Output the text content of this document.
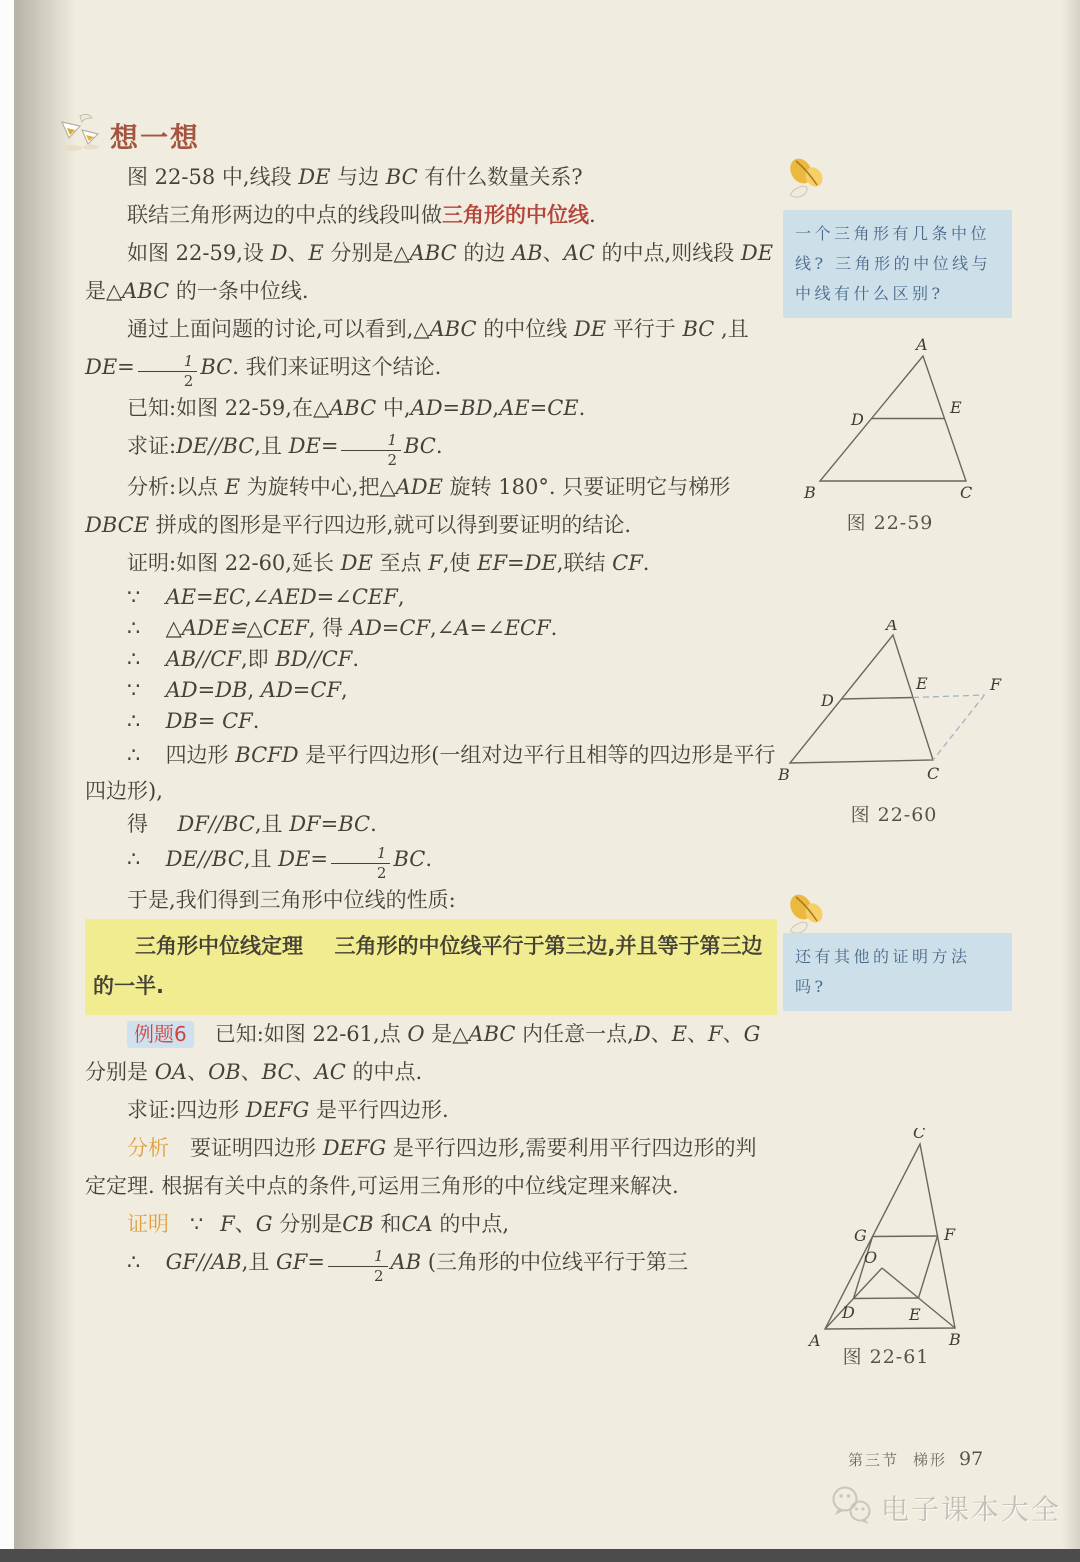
想一想

图 22-58 中,线段 DE 与边 BC 有什么数量关系?

联结三角形两边的中点的线段叫做三角形的中位线.

如图 22-59,设 D、E 分别是△ABC 的边 AB、AC 的中点,则线段 DE 是△ABC 的一条中位线.

通过上面问题的讨论,可以看到,△ABC 的中位线 DE 平行于 BC ,且 $DE= \frac{1}{2}$ BC. 我们来证明这个结论.

已知:如图 22-59,在△ABC 中,AD=BD,AE=CE.

求证:DE//BC,且 $DE= \frac{1}{2}$ BC.

分析:以点 E 为旋转中心,把△ADE 旋转 180°. 只要证明它与梯形 DBCE 拼成的图形是平行四边形,就可以得到要证明的结论.

证明:如图 22-60,延长 DE 至点 F,使 EF=DE,联结 CF.

∵ AE=EC,∠AED=∠CEF,

∴ △ADE≌△CEF, 得 AD=CF,∠A=∠ECF.

∴ AB//CF,即 BD//CF.

∵ AD=DB, AD=CF,

∴ DB= CF.

∴ 四边形 BCFD 是平行四边形(一组对边平行且相等的四边形是平行四边形),

得 DF//BC,且 DF=BC.

∴ DE//BC,且 $DE= \frac{1}{2}$ BC.

于是,我们得到三角形中位线的性质:

三角形中位线定理 三角形的中位线平行于第三边,并且等于第三边的一半.

例题6 已知:如图 22-61,点 O 是△ABC 内任意一点,D、E、F、G 分别是 OA、OB、BC、AC 的中点.

求证:四边形 DEFG 是平行四边形.

分析 要证明四边形 DEFG 是平行四边形,需要利用平行四边形的判定定理. 根据有关中点的条件,可运用三角形的中位线定理来解决.

证明 ∵ F、G 分别是CB 和CA 的中点,

∴ GF//AB,且 $GF= \frac{1}{2}$ AB (三角形的中位线平行于第三

一个三角形有几条中位线? 三角形的中位线与中线有什么区别?
还有其他的证明方法吗?
A
B	C
D
E
图 22-59
A
B	C
D
E	F
图 22-60
C
G	F
O
D	E
A	B
图 22-61
第三节 梯形 97
电子课本大全
